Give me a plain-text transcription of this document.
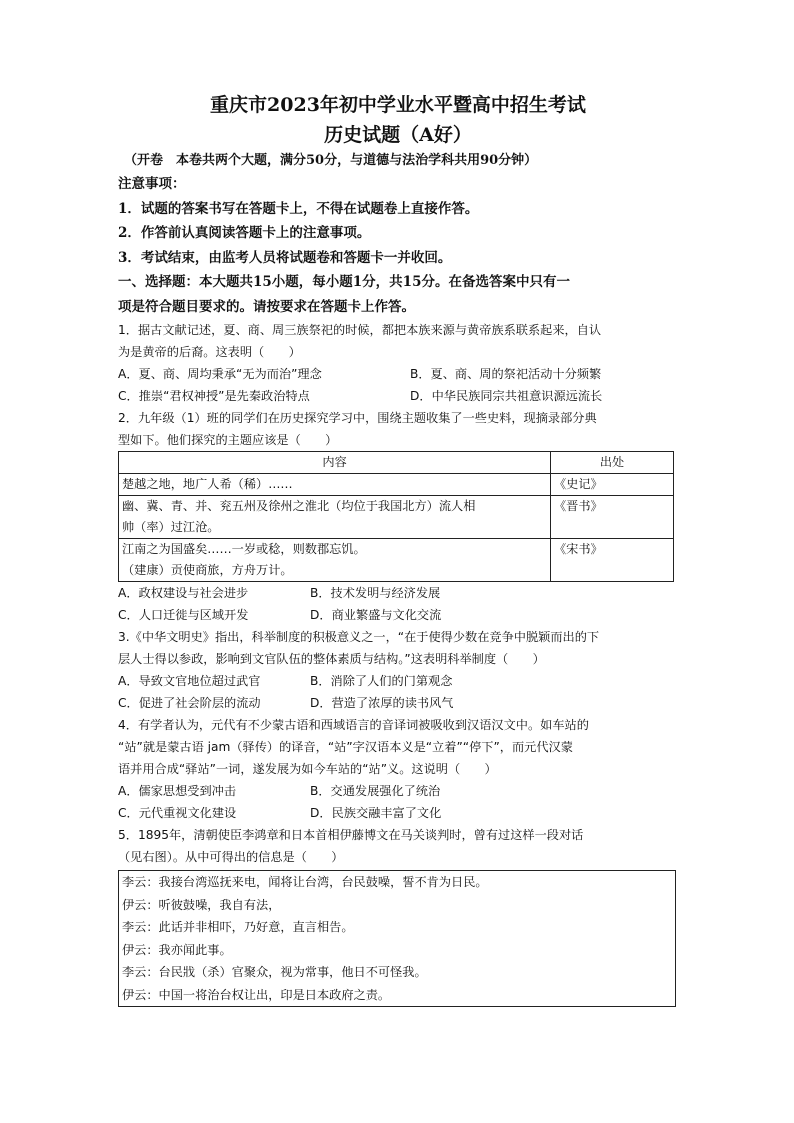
重庆市2023年初中学业水平暨高中招生考试
历史试题（A好）
（开卷　本卷共两个大题，满分50分，与道德与法治学科共用90分钟）
注意事项：
1．试题的答案书写在答题卡上，不得在试题卷上直接作答。
2．作答前认真阅读答题卡上的注意事项。
3．考试结束，由监考人员将试题卷和答题卡一并收回。
一、选择题：本大题共15小题，每小题1分，共15分。在备选答案中只有一
项是符合题目要求的。请按要求在答题卡上作答。
1．据古文献记述，夏、商、周三族祭祀的时候，都把本族来源与黄帝族系联系起来，自认
为是黄帝的后裔。这表明（　　）
A．夏、商、周均秉承“无为而治”理念	B．夏、商、周的祭祀活动十分频繁
C．推崇“君权神授”是先秦政治特点	D．中华民族同宗共祖意识源远流长
2．九年级（1）班的同学们在历史探究学习中，围绕主题收集了一些史料，现摘录部分典
型如下。他们探究的主题应该是（　　）
内容	出处

楚越之地，地广人希（稀）……	《史记》

幽、冀、青、并、兖五州及徐州之淮北（均位于我国北方）流人相
帅（率）过江沧。	《晋书》

江南之为国盛矣……一岁或稔，则数郡忘饥。
（建康）贡使商旅，方舟万计。	《宋书》
A．政权建设与社会进步	B．技术发明与经济发展
C．人口迁徙与区域开发	D．商业繁盛与文化交流
3.《中华文明史》指出，科举制度的积极意义之一，“在于使得少数在竞争中脱颖而出的下
层人士得以参政，影响到文官队伍的整体素质与结构。”这表明科举制度（　　）
A．导致文官地位超过武官	B．消除了人们的门第观念
C．促进了社会阶层的流动	D．营造了浓厚的读书风气
4．有学者认为，元代有不少蒙古语和西域语言的音译词被吸收到汉语汉文中。如车站的
“站”就是蒙古语 jam（驿传）的译音，“站”字汉语本义是“立着”“停下”，而元代汉蒙
语并用合成“驿站”一词，遂发展为如今车站的“站”义。这说明（　　）
A．儒家思想受到冲击	B．交通发展强化了统治
C．元代重视文化建设	D．民族交融丰富了文化
5．1895年，清朝使臣李鸿章和日本首相伊藤博文在马关谈判时，曾有过这样一段对话
（见右图）。从中可得出的信息是（　　）
李云：我接台湾巡抚来电，闻将让台湾，台民鼓噪，誓不肯为日民。
伊云：听彼鼓噪，我自有法，
李云：此话并非相吓，乃好意，直言相告。
伊云：我亦闻此事。
李云：台民戕（杀）官聚众，视为常事，他日不可怪我。
伊云：中国一将治台权让出，印是日本政府之责。
